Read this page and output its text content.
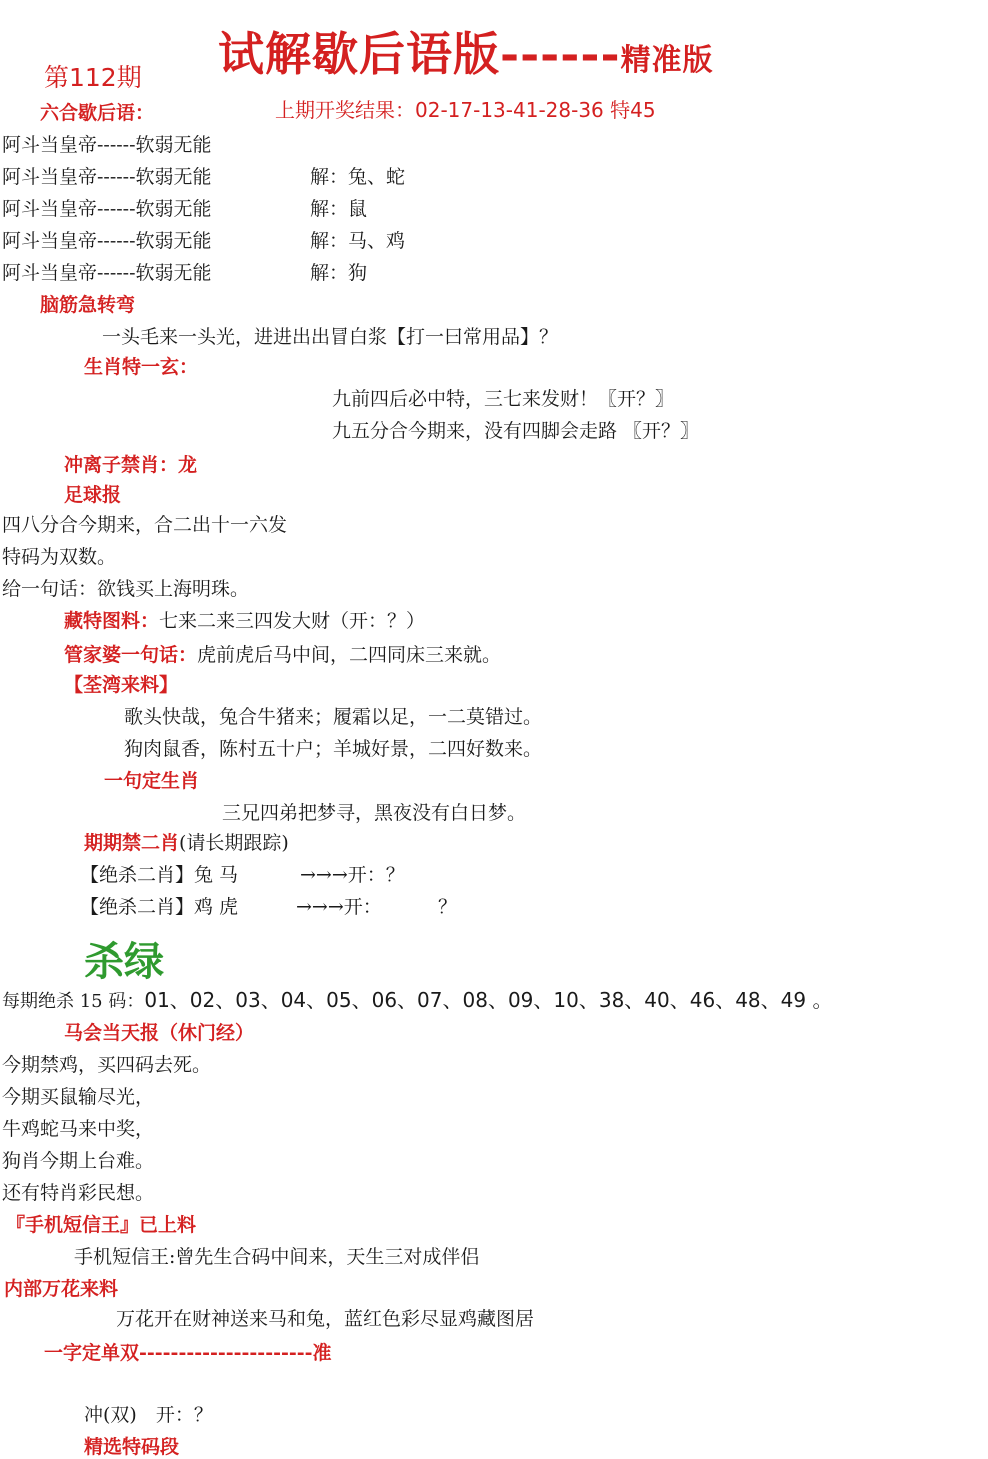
试解歇后语版------精准版
第112期
上期开奖结果：02-17-13-41-28-36 特45
六合歇后语：
阿斗当皇帝------软弱无能
阿斗当皇帝------软弱无能	解：兔、蛇
阿斗当皇帝------软弱无能	解：鼠
阿斗当皇帝------软弱无能	解：马、鸡
阿斗当皇帝------软弱无能	解：狗
脑筋急转弯
一头毛来一头光，进进出出冒白浆【打一曰常用品】？
生肖特一玄：
九前四后必中特，三七来发财！〖开？〗
九五分合今期来，没有四脚会走路 〖开？〗
冲离子禁肖：龙
足球报
四八分合今期来，合二出十一六发
特码为双数。
给一句话：欲钱买上海明珠。
藏特图料：七来二来三四发大财（开：？）
管家婆一句话：虎前虎后马中间，二四同床三来就。
【荃湾来料】
歌头快哉，兔合牛猪来；履霜以足，一二莫错过。
狗肉鼠香，陈村五十户；羊城好景，二四好数来。
一句定生肖
三兄四弟把梦寻，黑夜没有白日梦。
期期禁二肖(请长期跟踪)
【绝杀二肖】兔 马	→→→开：？
【绝杀二肖】鸡 虎	→→→开：	？
杀绿
每期绝杀 15 码：01、02、03、04、05、06、07、08、09、10、38、40、46、48、49 。
马会当天报（休门经）
今期禁鸡，买四码去死。
今期买鼠输尽光，
牛鸡蛇马来中奖，
狗肖今期上台难。
还有特肖彩民想。
『手机短信王』已上料
手机短信王:曾先生合码中间来，天生三对成伴侣
内部万花来料
万花开在财神送来马和兔，蓝红色彩尽显鸡藏图居
一字定单双----------------------准
冲(双)　开：？
精选特码段
